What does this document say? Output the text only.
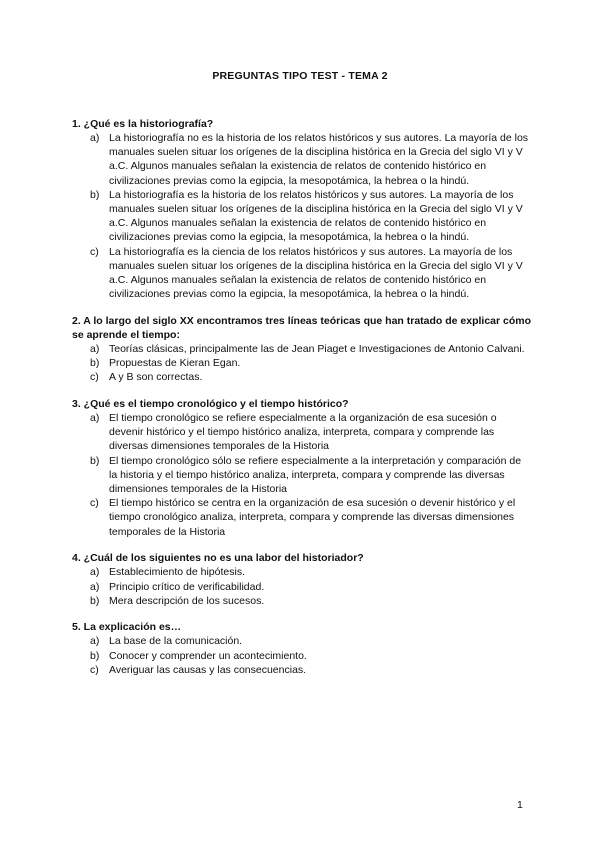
PREGUNTAS TIPO TEST - TEMA 2

1. ¿Qué es la historiografía?

a) La historiografía no es la historia de los relatos históricos y sus autores. La mayoría de los manuales suelen situar los orígenes de la disciplina histórica en la Grecia del siglo VI y V a.C. Algunos manuales señalan la existencia de relatos de contenido histórico en civilizaciones previas como la egipcia, la mesopotámica, la hebrea o la hindú.
b) La historiografía es la historia de los relatos históricos y sus autores. La mayoría de los manuales suelen situar los orígenes de la disciplina histórica en la Grecia del siglo VI y V a.C. Algunos manuales señalan la existencia de relatos de contenido histórico en civilizaciones previas como la egipcia, la mesopotámica, la hebrea o la hindú.
c) La historiografía es la ciencia de los relatos históricos y sus autores. La mayoría de los manuales suelen situar los orígenes de la disciplina histórica en la Grecia del siglo VI y V a.C. Algunos manuales señalan la existencia de relatos de contenido histórico en civilizaciones previas como la egipcia, la mesopotámica, la hebrea o la hindú.

2. A lo largo del siglo XX encontramos tres líneas teóricas que han tratado de explicar cómo se aprende el tiempo:

a) Teorías clásicas, principalmente las de Jean Piaget e Investigaciones de Antonio Calvani.
b) Propuestas de Kieran Egan.
c) A y B son correctas.

3. ¿Qué es el tiempo cronológico y el tiempo histórico?

a) El tiempo cronológico se refiere especialmente a la organización de esa sucesión o devenir histórico y el tiempo histórico analiza, interpreta, compara y comprende las diversas dimensiones temporales de la Historia
b) El tiempo cronológico sólo se refiere especialmente a la interpretación y comparación de la historia y el tiempo histórico analiza, interpreta, compara y comprende las diversas dimensiones temporales de la Historia
c) El tiempo histórico se centra en la organización de esa sucesión o devenir histórico y el tiempo cronológico analiza, interpreta, compara y comprende las diversas dimensiones temporales de la Historia

4. ¿Cuál de los siguientes no es una labor del historiador?

a) Establecimiento de hipótesis.
a) Principio crítico de verificabilidad.
b) Mera descripción de los sucesos.

5. La explicación es…

a) La base de la comunicación.
b) Conocer y comprender un acontecimiento.
c) Averiguar las causas y las consecuencias.
1
